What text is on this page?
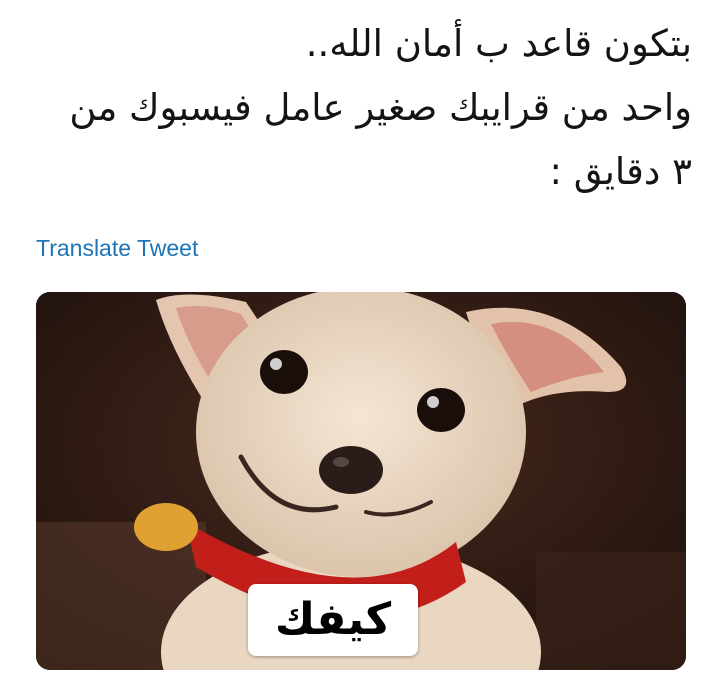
بتكون قاعد ب أمان الله..
واحد من قرايبك صغير عامل فيسبوك من
٣ دقايق :
Translate Tweet
كيفك
